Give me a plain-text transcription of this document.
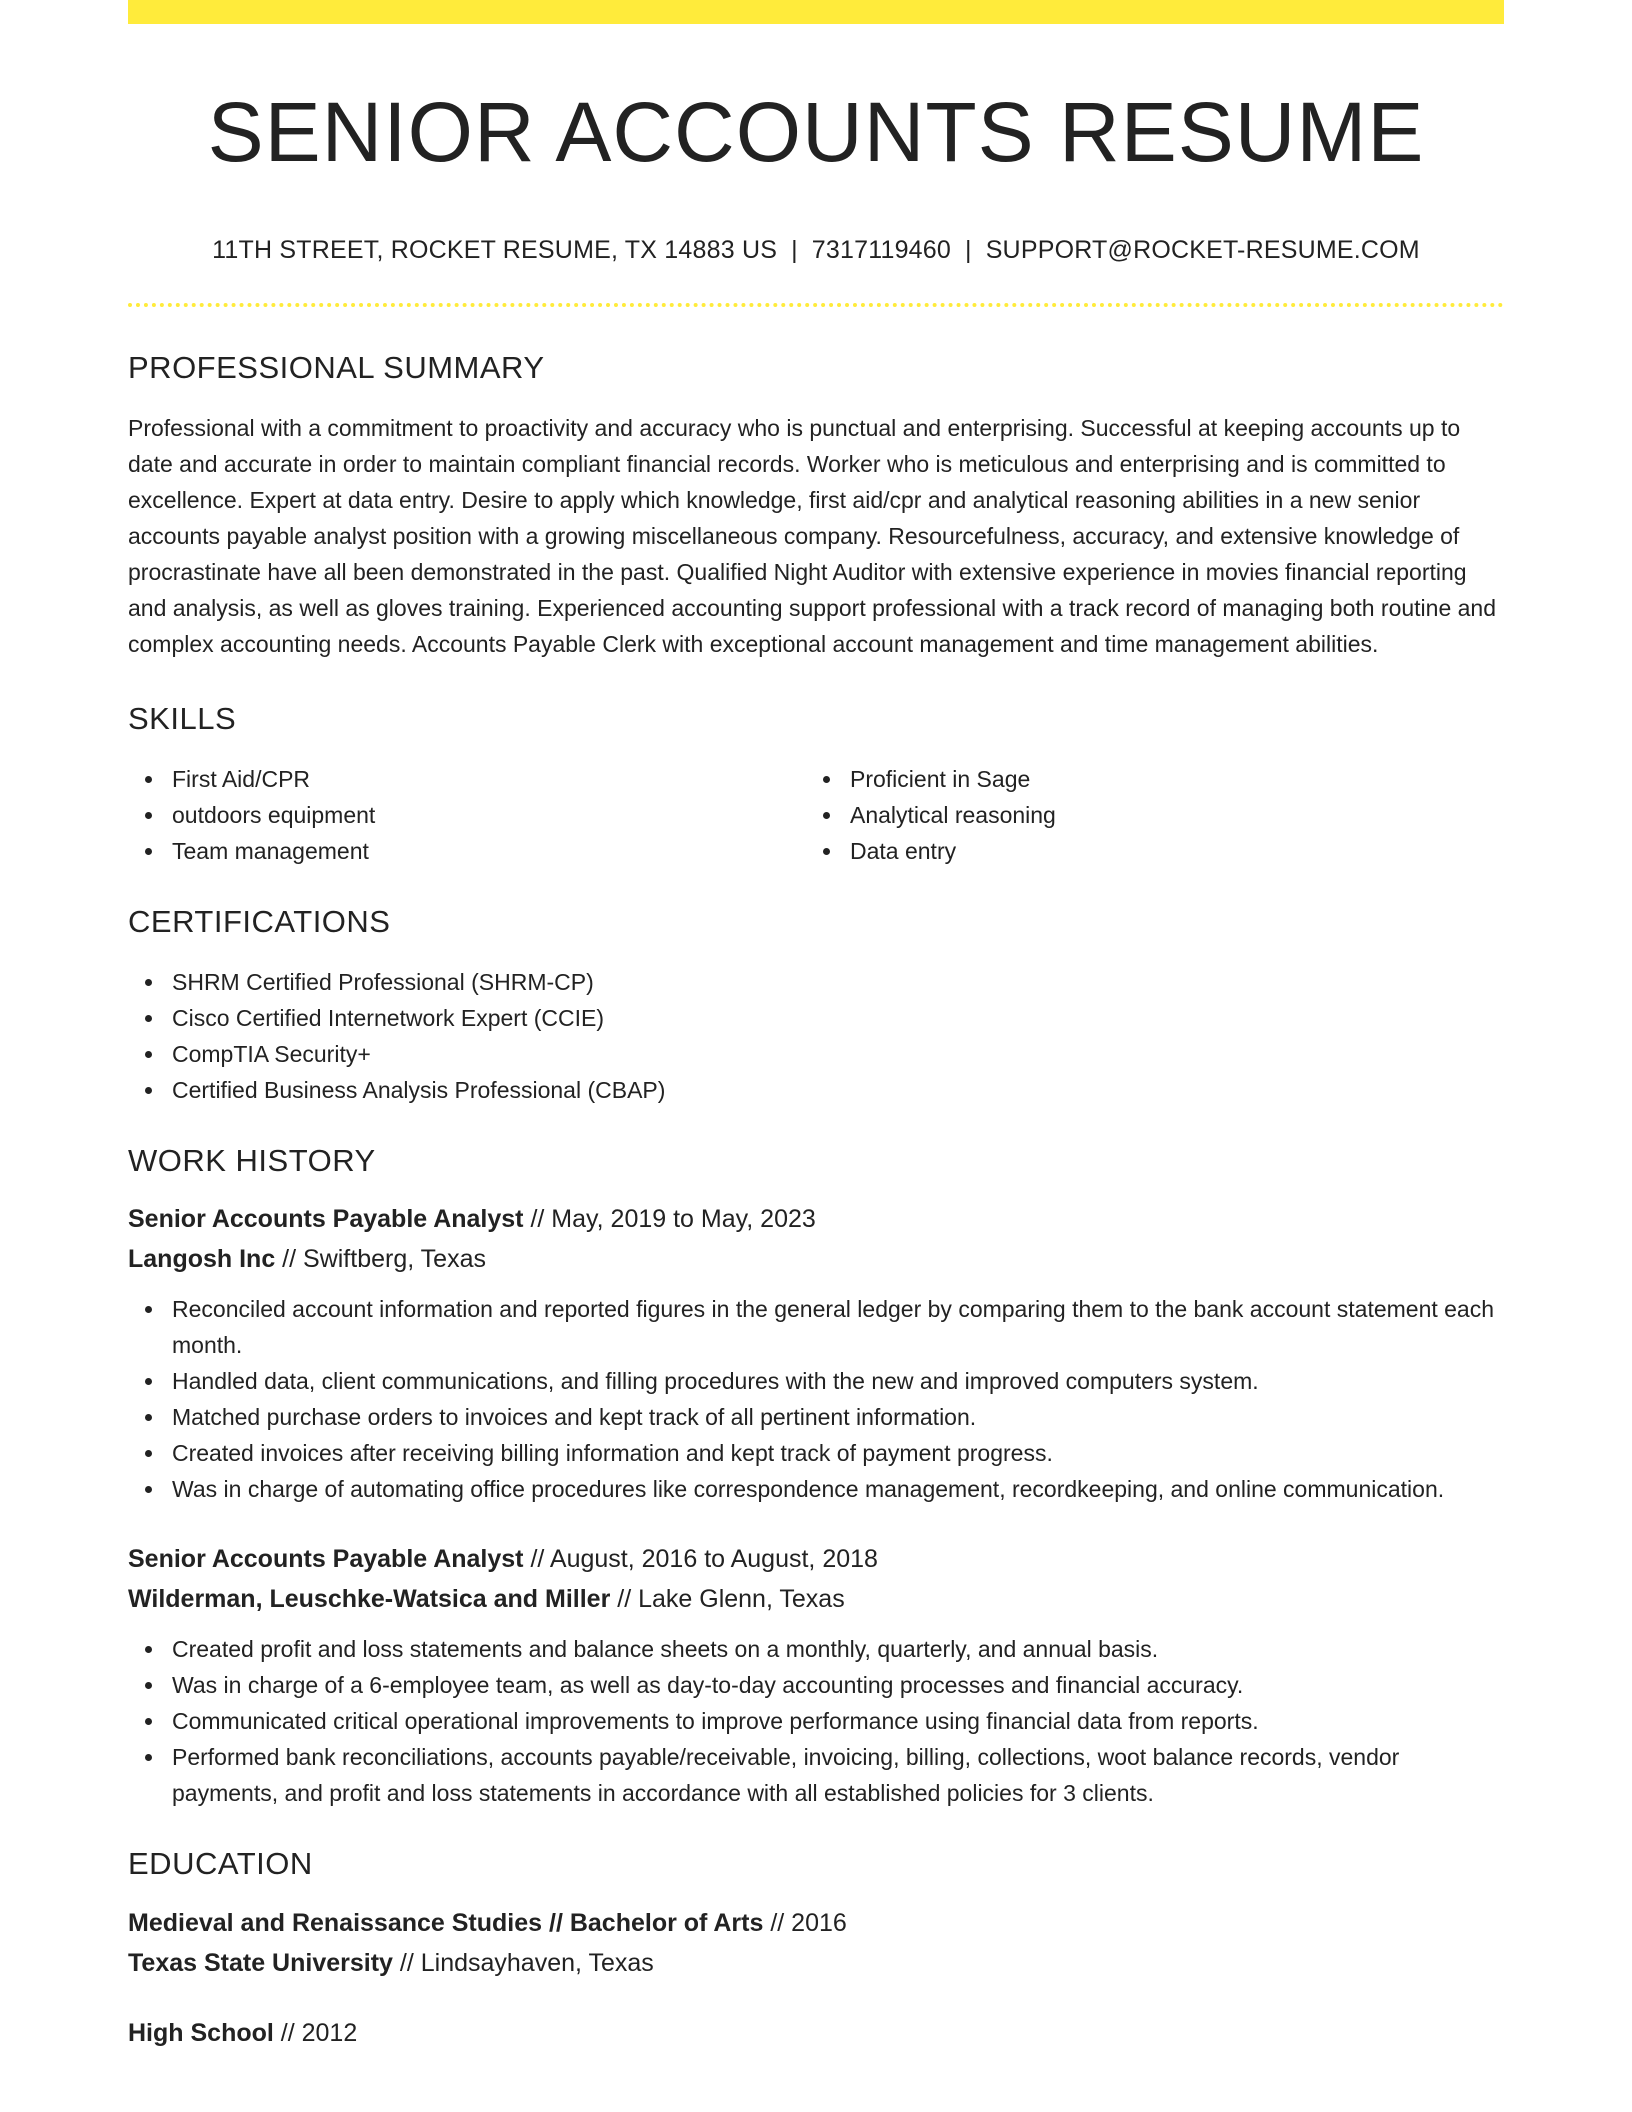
SENIOR ACCOUNTS RESUME
11TH STREET, ROCKET RESUME, TX 14883 US | 7317119460 | SUPPORT@ROCKET-RESUME.COM
PROFESSIONAL SUMMARY

Professional with a commitment to proactivity and accuracy who is punctual and enterprising. Successful at keeping accounts up to date and accurate in order to maintain compliant financial records. Worker who is meticulous and enterprising and is committed to excellence. Expert at data entry. Desire to apply which knowledge, first aid/cpr and analytical reasoning abilities in a new senior accounts payable analyst position with a growing miscellaneous company. Resourcefulness, accuracy, and extensive knowledge of procrastinate have all been demonstrated in the past. Qualified Night Auditor with extensive experience in movies financial reporting and analysis, as well as gloves training. Experienced accounting support professional with a track record of managing both routine and complex accounting needs. Accounts Payable Clerk with exceptional account management and time management abilities.

SKILLS
First Aid/CPR
outdoors equipment
Team management
Proficient in Sage
Analytical reasoning
Data entry
CERTIFICATIONS
SHRM Certified Professional (SHRM-CP)
Cisco Certified Internetwork Expert (CCIE)
CompTIA Security+
Certified Business Analysis Professional (CBAP)
WORK HISTORY
Senior Accounts Payable Analyst // May, 2019 to May, 2023
Langosh Inc // Swiftberg, Texas
Reconciled account information and reported figures in the general ledger by comparing them to the bank account statement each month.
Handled data, client communications, and filling procedures with the new and improved computers system.
Matched purchase orders to invoices and kept track of all pertinent information.
Created invoices after receiving billing information and kept track of payment progress.
Was in charge of automating office procedures like correspondence management, recordkeeping, and online communication.
Senior Accounts Payable Analyst // August, 2016 to August, 2018
Wilderman, Leuschke-Watsica and Miller // Lake Glenn, Texas
Created profit and loss statements and balance sheets on a monthly, quarterly, and annual basis.
Was in charge of a 6-employee team, as well as day-to-day accounting processes and financial accuracy.
Communicated critical operational improvements to improve performance using financial data from reports.
Performed bank reconciliations, accounts payable/receivable, invoicing, billing, collections, woot balance records, vendor payments, and profit and loss statements in accordance with all established policies for 3 clients.
EDUCATION
Medieval and Renaissance Studies // Bachelor of Arts // 2016
Texas State University // Lindsayhaven, Texas
High School // 2012
